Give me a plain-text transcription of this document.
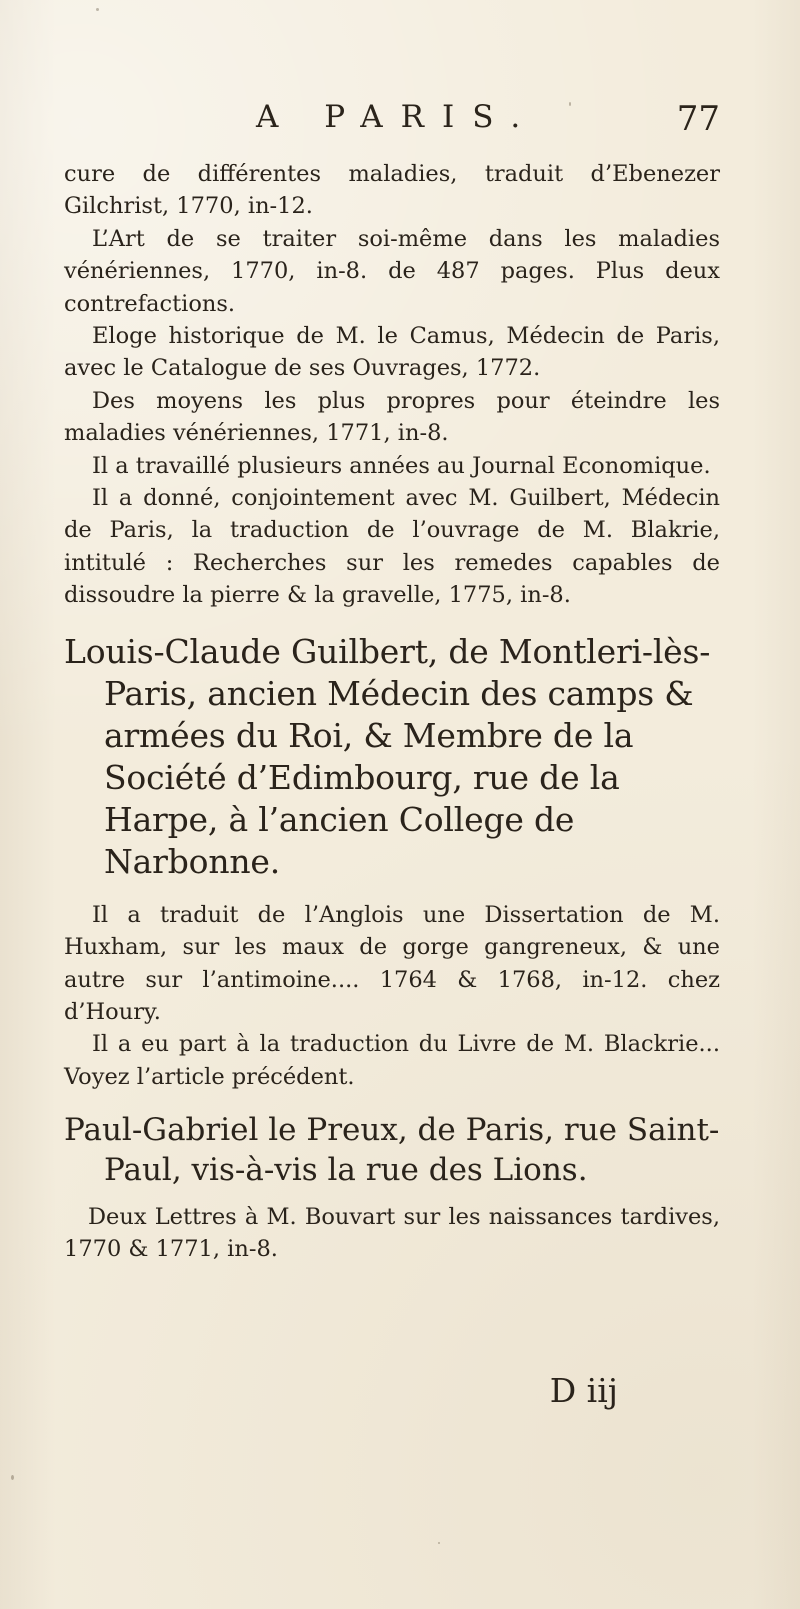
A PARIS.	77

cure de différentes maladies, traduit d’Ebenezer Gilchrist, 1770, in-12.

L’Art de se traiter soi-même dans les maladies vénériennes, 1770, in-8. de 487 pages. Plus deux contrefactions.

Eloge historique de M. le Camus, Médecin de Paris, avec le Catalogue de ses Ouvrages, 1772.

Des moyens les plus propres pour éteindre les maladies vénériennes, 1771, in-8.

Il a travaillé plusieurs années au Journal Economique.

Il a donné, conjointement avec M. Guilbert, Médecin de Paris, la traduction de l’ouvrage de M. Blakrie, intitulé : Recherches sur les remedes capables de dissoudre la pierre & la gravelle, 1775, in-8.

Louis-Claude Guilbert, de Montleri-lès-Paris, ancien Médecin des camps & armées du Roi, & Membre de la Société d’Edimbourg, rue de la Harpe, à l’ancien College de Narbonne.

Il a traduit de l’Anglois une Dissertation de M. Huxham, sur les maux de gorge gangreneux, & une autre sur l’antimoine.... 1764 & 1768, in-12. chez d’Houry.

Il a eu part à la traduction du Livre de M. Blackrie... Voyez l’article précédent.

Paul-Gabriel le Preux, de Paris, rue Saint-Paul, vis-à-vis la rue des Lions.

Deux Lettres à M. Bouvart sur les naissances tardives, 1770 & 1771, in-8.

D iij
